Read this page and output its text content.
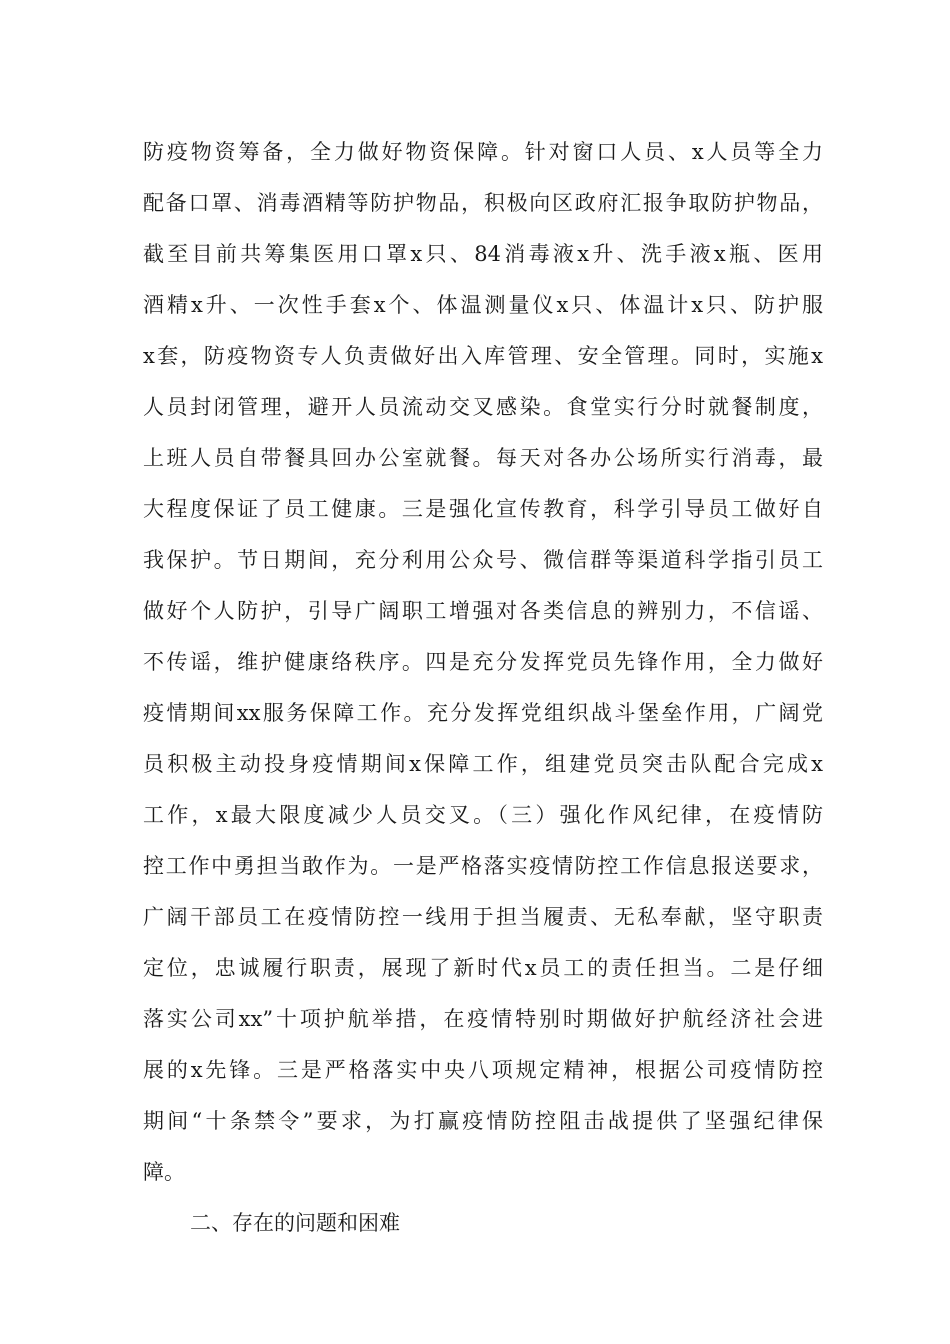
防疫物资筹备，全力做好物资保障。针对窗口人员、x人员等全力
配备口罩、消毒酒精等防护物品，积极向区政府汇报争取防护物品，
截至目前共筹集医用口罩x只、84消毒液x升、洗手液x瓶、医用
酒精x升、一次性手套x个、体温测量仪x只、体温计x只、防护服
x套，防疫物资专人负责做好出入库管理、安全管理。同时，实施x
人员封闭管理，避开人员流动交叉感染。食堂实行分时就餐制度，
上班人员自带餐具回办公室就餐。每天对各办公场所实行消毒，最
大程度保证了员工健康。三是强化宣传教育，科学引导员工做好自
我保护。节日期间，充分利用公众号、微信群等渠道科学指引员工
做好个人防护，引导广阔职工增强对各类信息的辨别力，不信谣、
不传谣，维护健康络秩序。四是充分发挥党员先锋作用，全力做好
疫情期间xx服务保障工作。充分发挥党组织战斗堡垒作用，广阔党
员积极主动投身疫情期间x保障工作，组建党员突击队配合完成x
工作，x最大限度减少人员交叉。（三）强化作风纪律，在疫情防
控工作中勇担当敢作为。一是严格落实疫情防控工作信息报送要求，
广阔干部员工在疫情防控一线用于担当履责、无私奉献，坚守职责
定位，忠诚履行职责，展现了新时代x员工的责任担当。二是仔细
落实公司xx”十项护航举措，在疫情特别时期做好护航经济社会进
展的x先锋。三是严格落实中央八项规定精神，根据公司疫情防控
期间“十条禁令”要求，为打赢疫情防控阻击战提供了坚强纪律保
障。
二、存在的问题和困难
